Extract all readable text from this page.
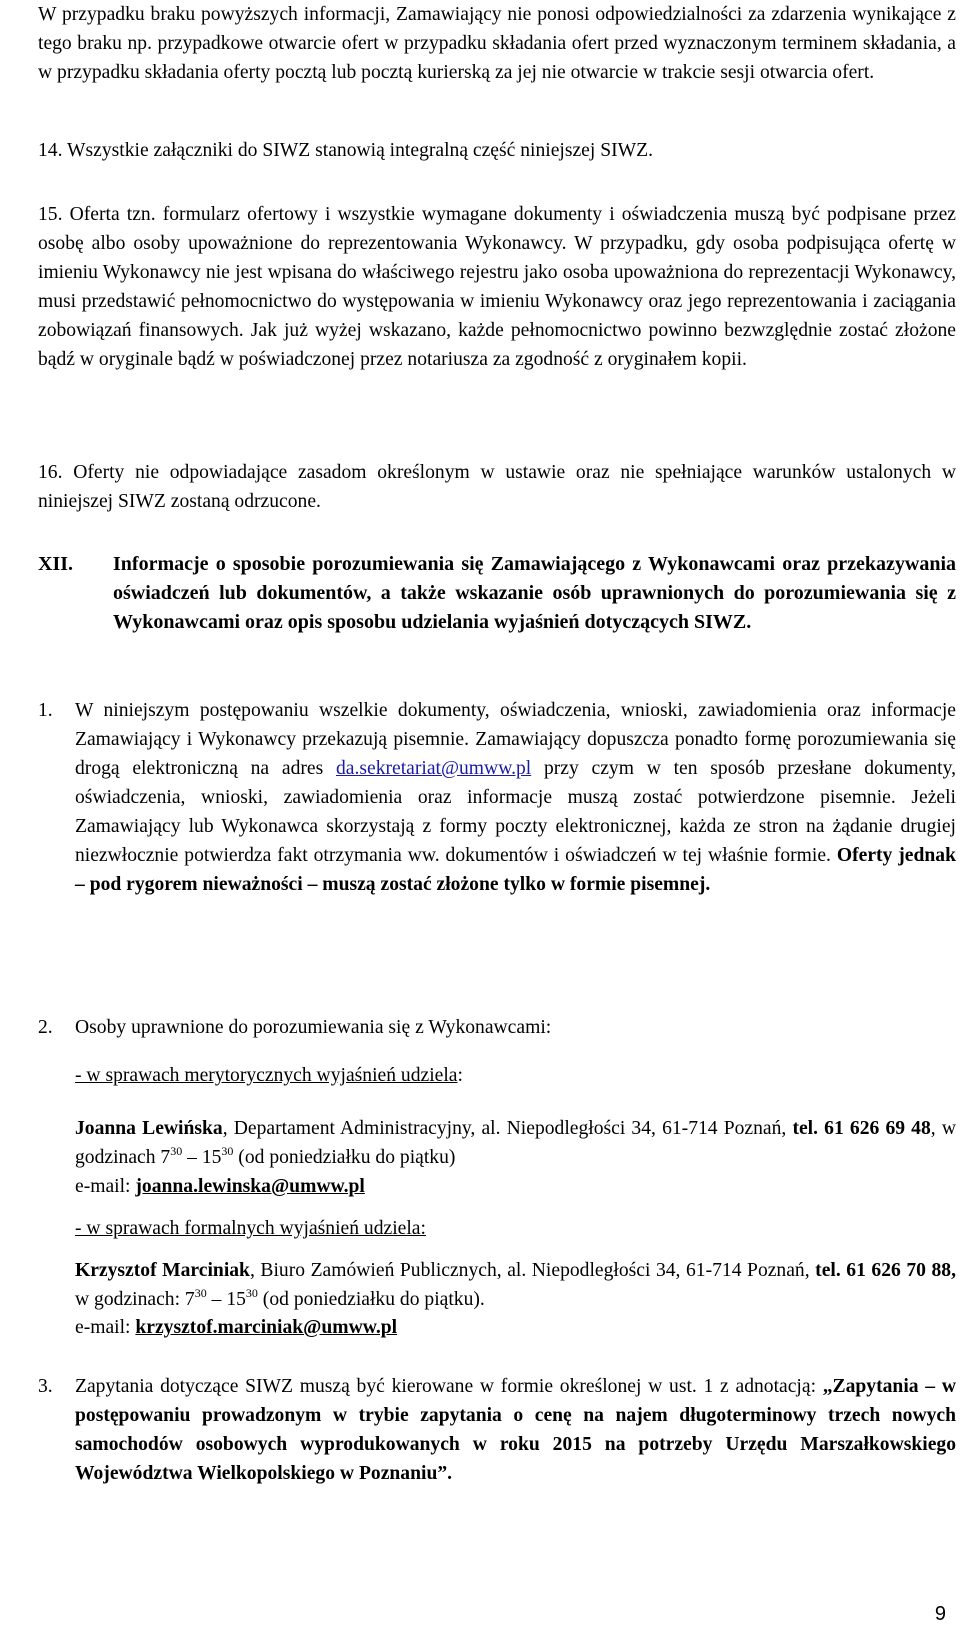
W przypadku braku powyższych informacji, Zamawiający nie ponosi odpowiedzialności za zdarzenia wynikające z tego braku np. przypadkowe otwarcie ofert w przypadku składania ofert przed wyznaczonym terminem składania, a w przypadku składania oferty pocztą lub pocztą kurierską za jej nie otwarcie w trakcie sesji otwarcia ofert.

14. Wszystkie załączniki do SIWZ stanowią integralną część niniejszej SIWZ.

15. Oferta tzn. formularz ofertowy i wszystkie wymagane dokumenty i oświadczenia muszą być podpisane przez osobę albo osoby upoważnione do reprezentowania Wykonawcy. W przypadku, gdy osoba podpisująca ofertę w imieniu Wykonawcy nie jest wpisana do właściwego rejestru jako osoba upoważniona do reprezentacji Wykonawcy, musi przedstawić pełnomocnictwo do występowania w imieniu Wykonawcy oraz jego reprezentowania i zaciągania zobowiązań finansowych. Jak już wyżej wskazano, każde pełnomocnictwo powinno bezwzględnie zostać złożone bądź w oryginale bądź w poświadczonej przez notariusza za zgodność z oryginałem kopii.

16. Oferty nie odpowiadające zasadom określonym w ustawie oraz nie spełniające warunków ustalonych w niniejszej SIWZ zostaną odrzucone.

XII. Informacje o sposobie porozumiewania się Zamawiającego z Wykonawcami oraz przekazywania oświadczeń lub dokumentów, a także wskazanie osób uprawnionych do porozumiewania się z Wykonawcami oraz opis sposobu udzielania wyjaśnień dotyczących SIWZ.

1. W niniejszym postępowaniu wszelkie dokumenty, oświadczenia, wnioski, zawiadomienia oraz informacje Zamawiający i Wykonawcy przekazują pisemnie. Zamawiający dopuszcza ponadto formę porozumiewania się drogą elektroniczną na adres da.sekretariat@umww.pl przy czym w ten sposób przesłane dokumenty, oświadczenia, wnioski, zawiadomienia oraz informacje muszą zostać potwierdzone pisemnie. Jeżeli Zamawiający lub Wykonawca skorzystają z formy poczty elektronicznej, każda ze stron na żądanie drugiej niezwłocznie potwierdza fakt otrzymania ww. dokumentów i oświadczeń w tej właśnie formie. Oferty jednak – pod rygorem nieważności – muszą zostać złożone tylko w formie pisemnej.

2. Osoby uprawnione do porozumiewania się z Wykonawcami:

- w sprawach merytorycznych wyjaśnień udziela:

Joanna Lewińska, Departament Administracyjny, al. Niepodległości 34, 61-714 Poznań, tel. 61 626 69 48, w godzinach $7^{30} - 15^{30}$ (od poniedziałku do piątku)

e-mail: joanna.lewinska@umww.pl

- w sprawach formalnych wyjaśnień udziela:

Krzysztof Marciniak, Biuro Zamówień Publicznych, al. Niepodległości 34, 61-714 Poznań, tel. 61 626 70 88, w godzinach: $7^{30} - 15^{30}$ (od poniedziałku do piątku).

e-mail: krzysztof.marciniak@umww.pl

3. Zapytania dotyczące SIWZ muszą być kierowane w formie określonej w ust. 1 z adnotacją: „Zapytania – w postępowaniu prowadzonym w trybie zapytania o cenę na najem długoterminowy trzech nowych samochodów osobowych wyprodukowanych w roku 2015 na potrzeby Urzędu Marszałkowskiego Województwa Wielkopolskiego w Poznaniu”.

9
